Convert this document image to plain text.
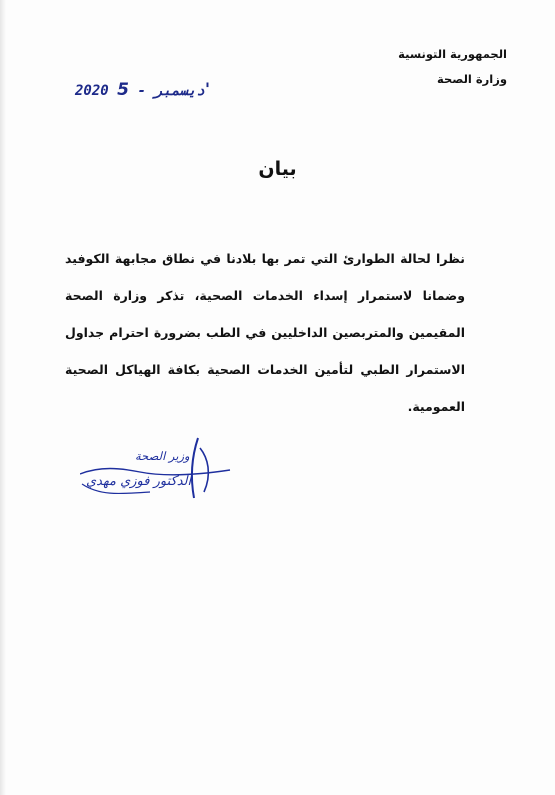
الجمهورية التونسية
وزارة الصحة
2020	ديسمبر - 5'
بيان
نظرا لحالة الطوارئ التي تمر بها بلادنا في نطاق مجابهة الكوفيد وضمانا لاستمرار إسداء الخدمات الصحية، تذكر وزارة الصحة المقيمين والمتربصين الداخليين في الطب بضرورة احترام جداول الاستمرار الطبي لتأمين الخدمات الصحية بكافة الهياكل الصحية العمومية.
وزير الصحة
الدكتور فوزي مهدي
